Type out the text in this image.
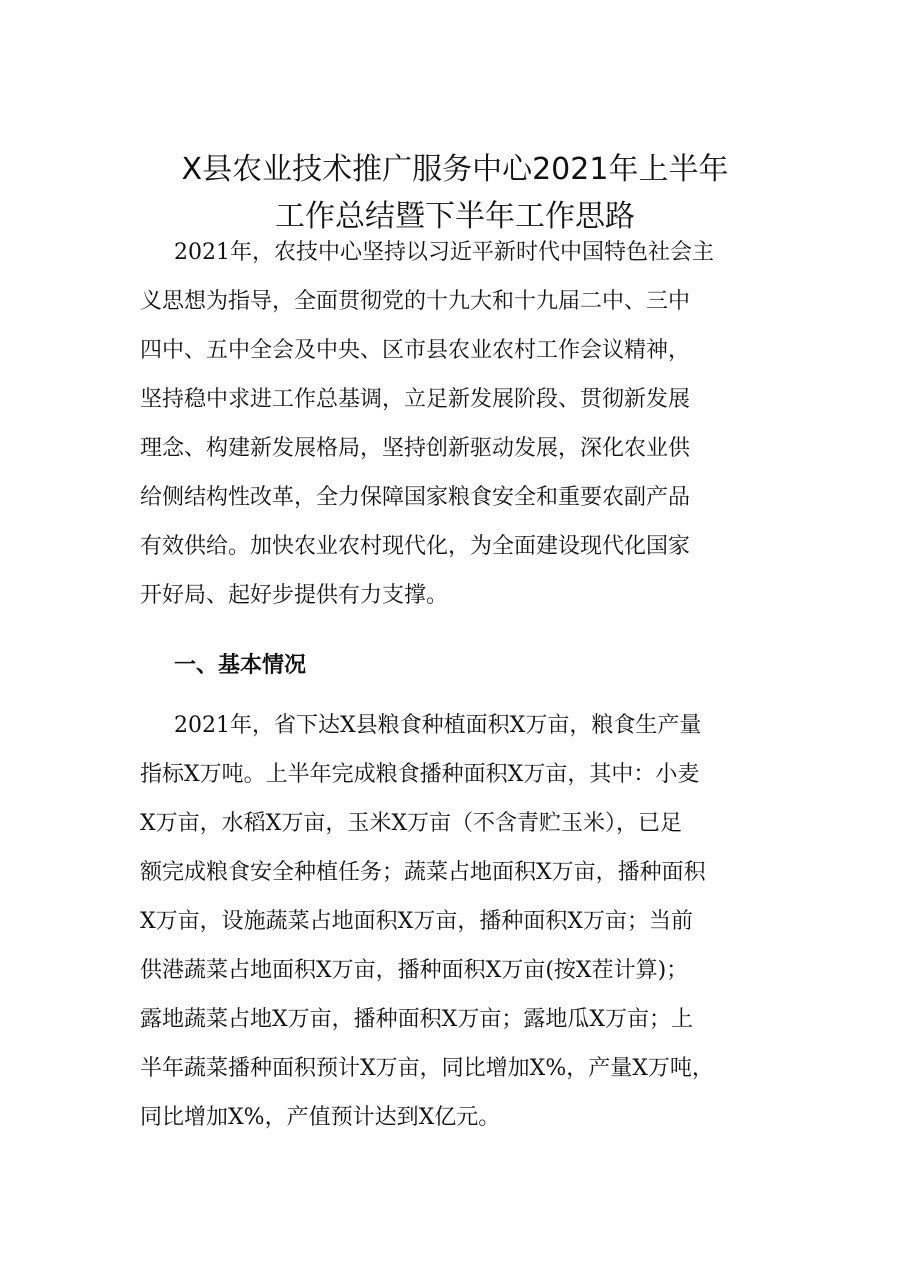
X县农业技术推广服务中心2021年上半年
工作总结暨下半年工作思路
2021年，农技中心坚持以习近平新时代中国特色社会主
义思想为指导，全面贯彻党的十九大和十九届二中、三中
四中、五中全会及中央、区市县农业农村工作会议精神，
坚持稳中求进工作总基调，立足新发展阶段、贯彻新发展
理念、构建新发展格局，坚持创新驱动发展，深化农业供
给侧结构性改革，全力保障国家粮食安全和重要农副产品
有效供给。加快农业农村现代化，为全面建设现代化国家
开好局、起好步提供有力支撑。
一、基本情况
2021年，省下达X县粮食种植面积X万亩，粮食生产量
指标X万吨。上半年完成粮食播种面积X万亩，其中：小麦
X万亩，水稻X万亩，玉米X万亩（不含青贮玉米），已足
额完成粮食安全种植任务；蔬菜占地面积X万亩，播种面积
X万亩，设施蔬菜占地面积X万亩，播种面积X万亩；当前
供港蔬菜占地面积X万亩，播种面积X万亩(按X茬计算)；
露地蔬菜占地X万亩，播种面积X万亩；露地瓜X万亩；上
半年蔬菜播种面积预计X万亩，同比增加X%，产量X万吨，
同比增加X%，产值预计达到X亿元。
